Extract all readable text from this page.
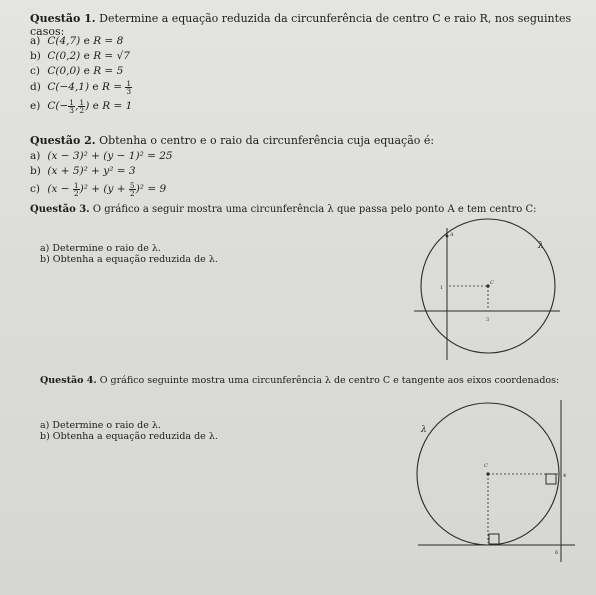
Questão 1. Determine a equação reduzida da circunferência de centro C e raio R, nos seguintes casos:
a) C(4,7) e R = 8
b) C(0,2) e R = √7
c) C(0,0) e R = 5
d) C(−4,1) e $R = \frac{1}{3}$
e) $C(- \frac{1}{3}$ , $\frac{1}{2}$ ) e R = 1
Questão 2. Obtenha o centro e o raio da circunferência cuja equação é:
a) (x − 3)² + (y − 1)² = 25
b) (x + 5)² + y² = 3
c) $(x - \frac{1}{2} )^2 + (y + \frac{5}{2} )^2 = 9$
Questão 3. O gráfico a seguir mostra uma circunferência λ que passa pelo ponto A e tem centro C:
a) Determine o raio de λ.
b) Obtenha a equação reduzida de λ.
Questão 4. O gráfico seguinte mostra uma circunferência λ de centro C e tangente aos eixos coordenados:
a) Determine o raio de λ.
b) Obtenha a equação reduzida de λ.
λ
A
C
1
3
λ
C
4
6
